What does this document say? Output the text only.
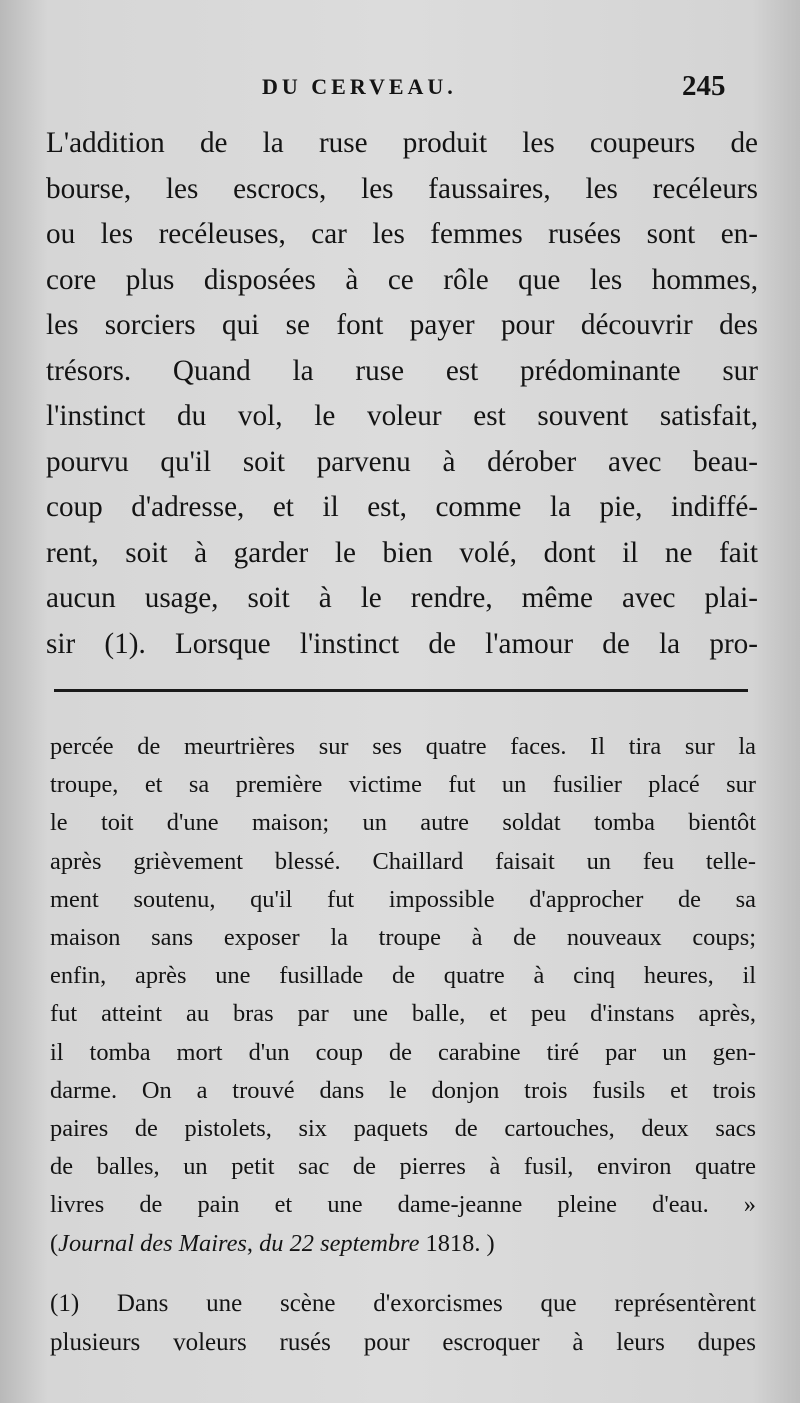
DU CERVEAU.	245
L'addition de la ruse produit les coupeurs de
bourse, les escrocs, les faussaires, les recéleurs
ou les recéleuses, car les femmes rusées sont en-
core plus disposées à ce rôle que les hommes,
les sorciers qui se font payer pour découvrir des
trésors. Quand la ruse est prédominante sur
l'instinct du vol, le voleur est souvent satisfait,
pourvu qu'il soit parvenu à dérober avec beau-
coup d'adresse, et il est, comme la pie, indiffé-
rent, soit à garder le bien volé, dont il ne fait
aucun usage, soit à le rendre, même avec plai-
sir (1). Lorsque l'instinct de l'amour de la pro-
percée de meurtrières sur ses quatre faces. Il tira sur la
troupe, et sa première victime fut un fusilier placé sur
le toit d'une maison; un autre soldat tomba bientôt
après grièvement blessé. Chaillard faisait un feu telle-
ment soutenu, qu'il fut impossible d'approcher de sa
maison sans exposer la troupe à de nouveaux coups;
enfin, après une fusillade de quatre à cinq heures, il
fut atteint au bras par une balle, et peu d'instans après,
il tomba mort d'un coup de carabine tiré par un gen-
darme. On a trouvé dans le donjon trois fusils et trois
paires de pistolets, six paquets de cartouches, deux sacs
de balles, un petit sac de pierres à fusil, environ quatre
livres de pain et une dame-jeanne pleine d'eau. »
(Journal des Maires, du 22 septembre 1818. )
(1) Dans une scène d'exorcismes que représentèrent
plusieurs voleurs rusés pour escroquer à leurs dupes
